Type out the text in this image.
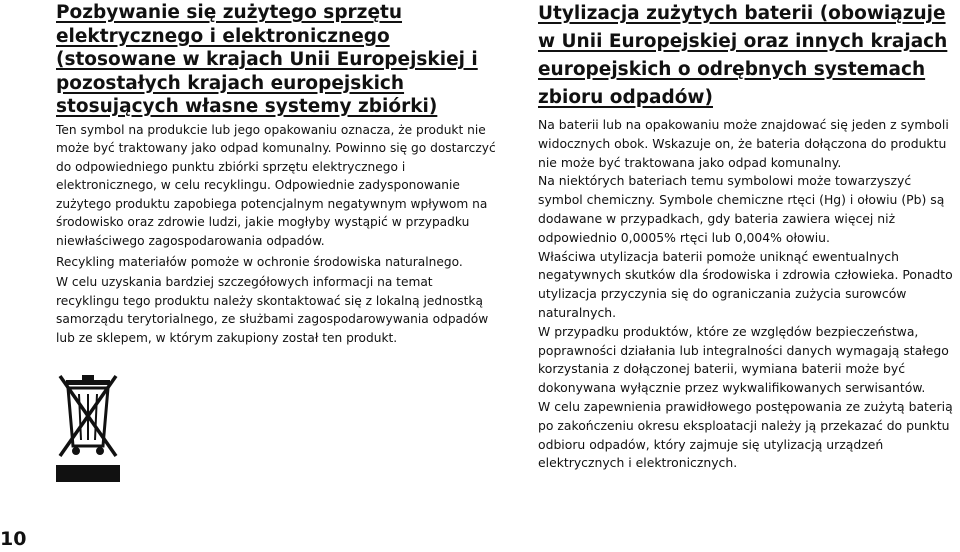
Pozbywanie się zużytego sprzętu elektrycznego i elektronicznego (stosowane w krajach Unii Europejskiej i pozostałych krajach europejskich stosujących własne systemy zbiórki)

Ten symbol na produkcie lub jego opakowaniu oznacza, że produkt nie może być traktowany jako odpad komunalny. Powinno się go dostarczyć do odpowiedniego punktu zbiórki sprzętu elektrycznego i elektronicznego, w celu recyklingu. Odpowiednie zadysponowanie zużytego produktu zapobiega potencjalnym negatywnym wpływom na środowisko oraz zdrowie ludzi, jakie mogłyby wystąpić w przypadku niewłaściwego zagospodarowania odpadów.

Recykling materiałów pomoże w ochronie środowiska naturalnego.

W celu uzyskania bardziej szczegółowych informacji na temat recyklingu tego produktu należy skontaktować się z lokalną jednostką samorządu terytorialnego, ze służbami zagospodarowywania odpadów lub ze sklepem, w którym zakupiony został ten produkt.

Utylizacja zużytych baterii (obowiązuje w Unii Europejskiej oraz innych krajach europejskich o odrębnych systemach zbioru odpadów)

Na baterii lub na opakowaniu może znajdować się jeden z symboli widocznych obok. Wskazuje on, że bateria dołączona do produktu nie może być traktowana jako odpad komunalny.

Na niektórych bateriach temu symbolowi może towarzyszyć symbol chemiczny. Symbole chemiczne rtęci (Hg) i ołowiu (Pb) są dodawane w przypadkach, gdy bateria zawiera więcej niż odpowiednio 0,0005% rtęci lub 0,004% ołowiu.

Właściwa utylizacja baterii pomoże uniknąć ewentualnych negatywnych skutków dla środowiska i zdrowia człowieka. Ponadto utylizacja przyczynia się do ograniczania zużycia surowców naturalnych.

W przypadku produktów, które ze względów bezpieczeństwa, poprawności działania lub integralności danych wymagają stałego korzystania z dołączonej baterii, wymiana baterii może być dokonywana wyłącznie przez wykwalifikowanych serwisantów.

W celu zapewnienia prawidłowego postępowania ze zużytą baterią po zakończeniu okresu eksploatacji należy ją przekazać do punktu odbioru odpadów, który zajmuje się utylizacją urządzeń elektrycznych i elektronicznych.

10
